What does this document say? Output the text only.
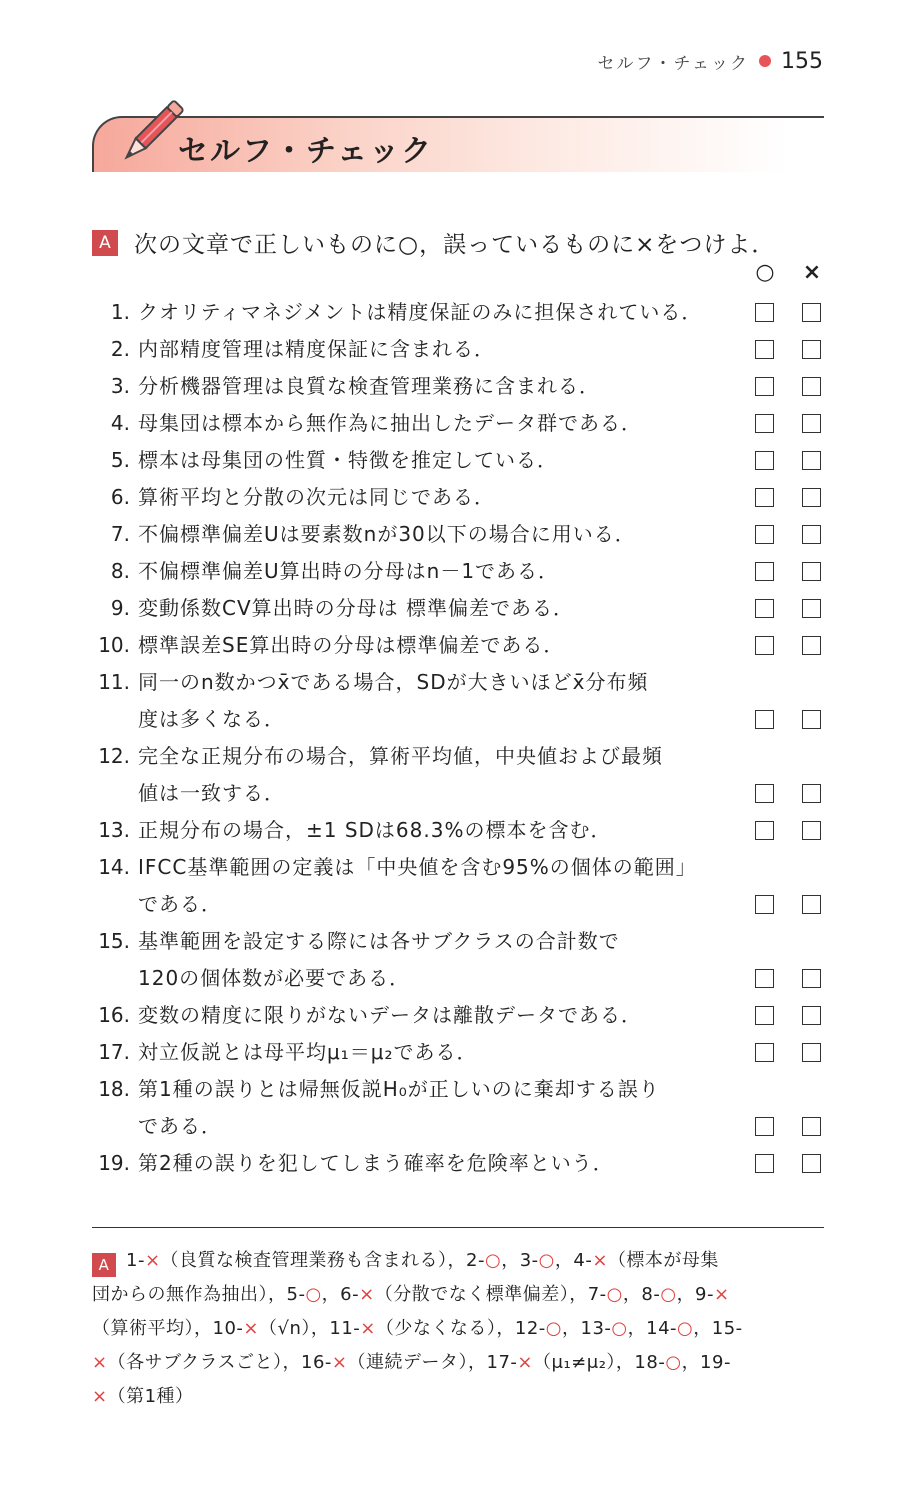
セルフ・チェック 155
セルフ・チェック
A	次の文章で正しいものに○，誤っているものに×をつけよ．
○ ×
1. クオリティマネジメントは精度保証のみに担保されている．
2. 内部精度管理は精度保証に含まれる．
3. 分析機器管理は良質な検査管理業務に含まれる．
4. 母集団は標本から無作為に抽出したデータ群である．
5. 標本は母集団の性質・特徴を推定している．
6. 算術平均と分散の次元は同じである．
7. 不偏標準偏差Uは要素数nが30以下の場合に用いる．
8. 不偏標準偏差U算出時の分母はn－1である．
9. 変動係数CV算出時の分母は 標準偏差である．
10. 標準誤差SE算出時の分母は標準偏差である．
11. 同一のn数かつx̄である場合，SDが大きいほどx̄分布頻
度は多くなる．
12. 完全な正規分布の場合，算術平均値，中央値および最頻
値は一致する．
13. 正規分布の場合，±1 SDは68.3%の標本を含む．
14. IFCC基準範囲の定義は「中央値を含む95%の個体の範囲」
である．
15. 基準範囲を設定する際には各サブクラスの合計数で
120の個体数が必要である．
16. 変数の精度に限りがないデータは離散データである．
17. 対立仮説とは母平均μ₁＝μ₂である．
18. 第1種の誤りとは帰無仮説H₀が正しいのに棄却する誤り
である．
19. 第2種の誤りを犯してしまう確率を危険率という．
A 1-×（良質な検査管理業務も含まれる），2-○，3-○，4-×（標本が母集
団からの無作為抽出），5-○，6-×（分散でなく標準偏差），7-○，8-○，9-×
（算術平均），10-×（√n），11-×（少なくなる），12-○，13-○，14-○，15-
×（各サブクラスごと），16-×（連続データ），17-×（μ₁≠μ₂），18-○，19-
×（第1種）
